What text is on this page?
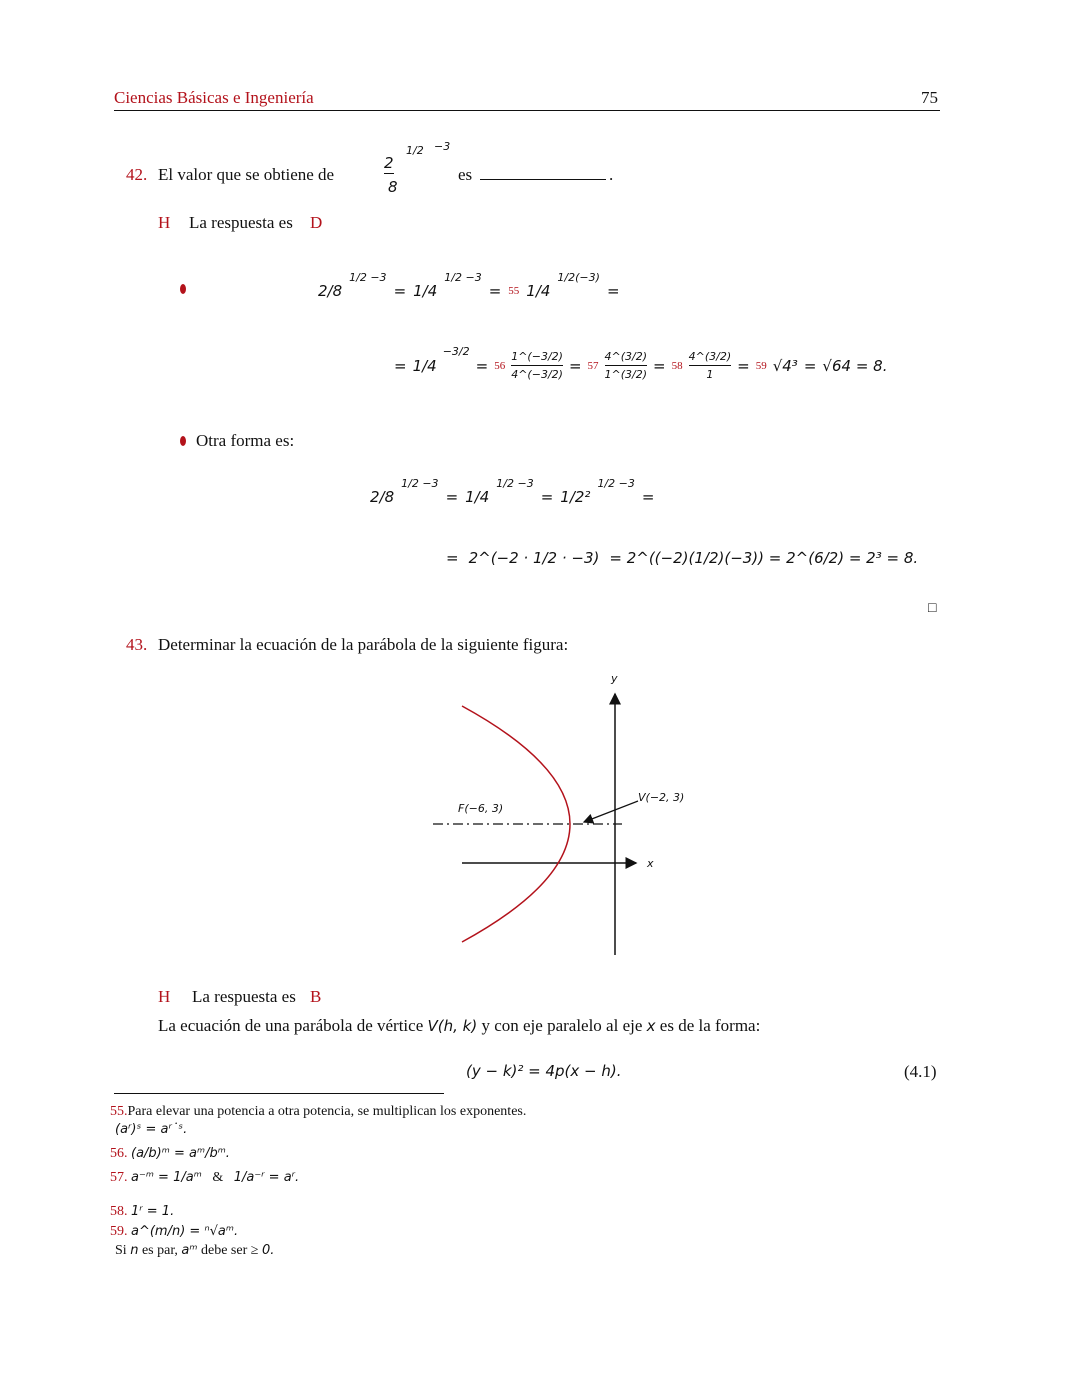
Ciencias Básicas e Ingeniería	75
42. El valor que se obtiene de
2
8
1/2 −3
es	.
H La respuesta es D
2/8
1/2 −3
= 1/4
1/2 −3
= 55 1/4
1/2(−3)
=
= 1/4
−3/2
= 56
1^(−3/2)
4^(−3/2) = 57
4^(3/2)
1^(3/2) = 58
4^(3/2)
1 = 59 √4³ = √64 = 8.
Otra forma es:
2/8
1/2 −3
= 1/4
1/2 −3
= 1/2²
1/2 −3
=
= 2^(−2 · 1/2 · −3) = 2^((−2)(1/2)(−3)) = 2^(6/2) = 2³ = 8.
□
43. Determinar la ecuación de la parábola de la siguiente figura:
y
x
F(−6, 3)
V(−2, 3)
H La respuesta es B
La ecuación de una parábola de vértice V(h, k) y con eje paralelo al eje x es de la forma:
(y − k)² = 4p(x − h).	(4.1)
55.Para elevar una potencia a otra potencia, se multiplican los exponentes.
(aʳ)ˢ = aʳ˙ˢ.
56. (a/b)ᵐ = aᵐ/bᵐ.
57. a⁻ᵐ = 1/aᵐ & 1/a⁻ʳ = aʳ.
58. 1ʳ = 1.
59. a^(m/n) = ⁿ√aᵐ.
Si n es par, aᵐ debe ser ≥ 0.
